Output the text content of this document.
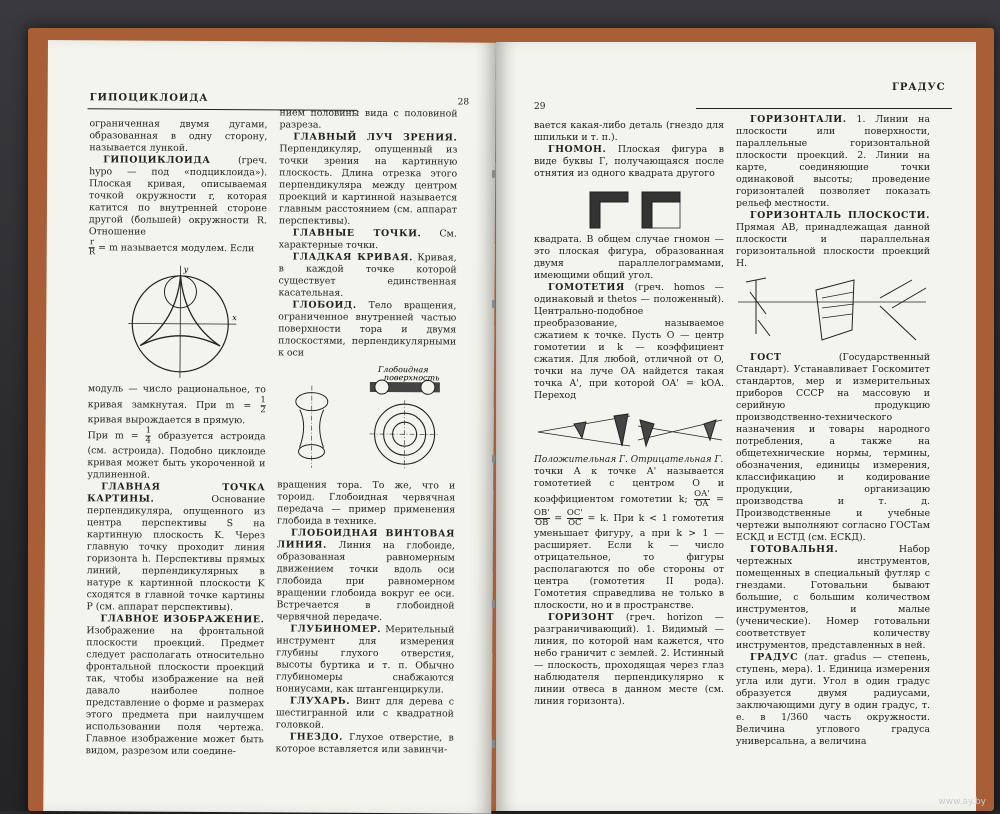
ГИПОЦИКЛОИДА	28

ограниченная двумя дугами, образованная в одну сторону, называется лункой.

ГИПОЦИКЛОИДА (греч. hypo — под «подциклоида»). Плоская кривая, описываемая точкой окружности r, которая катится по внутренней стороне другой (большей) окружности R. Отношение

$\frac{r}{R} = m$ называется модулем. Если

x
y

модуль — число рациональное, то кривая замкнутая. При $m = \frac{1}{2}$
кривая вырождается в прямую.

При $m = \frac{1}{4}$ образуется астроида (см. астроида). Подобно циклоиде кривая может быть укороченной и удлиненной.

ГЛАВНАЯ ТОЧКА КАРТИНЫ. Основание перпендикуляра, опущенного из центра перспективы S на картинную плоскость K. Через главную точку проходит линия горизонта h. Перспективы прямых линий, перпендикулярных в натуре к картинной плоскости K сходятся в главной точке картины P (см. аппарат перспективы).

ГЛАВНОЕ ИЗОБРАЖЕНИЕ. Изображение на фронтальной плоскости проекций. Предмет следует располагать относительно фронтальной плоскости проекций так, чтобы изображение на ней давало наиболее полное представление о форме и размерах этого предмета при наилучшем использовании поля чертежа. Главное изображение может быть видом, разрезом или соедине-

нием половины вида с половиной разреза.

ГЛАВНЫЙ ЛУЧ ЗРЕНИЯ. Перпендикуляр, опущенный из точки зрения на картинную плоскость. Длина отрезка этого перпендикуляра между центром проекций и картинной называется главным расстоянием (см. аппарат перспективы).

ГЛАВНЫЕ ТОЧКИ. См. характерные точки.

ГЛАДКАЯ КРИВАЯ. Кривая, в каждой точке которой существует единственная касательная.

ГЛОБОИД. Тело вращения, ограниченное внутренней частью поверхности тора и двумя плоскостями, перпендикулярными к оси

Глобоидная
поверхность

вращения тора. То же, что и тороид. Глобоидная червячная передача — пример применения глобоида в технике.

ГЛОБОИДНАЯ ВИНТОВАЯ ЛИНИЯ. Линия на глобоиде, образованная равномерным движением точки вдоль оси глобоида при равномерном вращении глобоида вокруг ее оси. Встречается в глобоидной червячной передаче.

ГЛУБИНОМЕР. Мерительный инструмент для измерения глубины глухого отверстия, высоты буртика и т. п. Обычно глубиномеры снабжаются нониусами, как штангенциркули.

ГЛУХАРЬ. Винт для дерева с шестигранной или с квадратной головкой.

ГНЕЗДО. Глухое отверстие, в которое вставляется или завинчи-

29
ГРАДУС

вается какая-либо деталь (гнездо для шпильки и т. п.).

ГНОМОН. Плоская фигура в виде буквы Г, получающаяся после отнятия из одного квадрата другого

квадрата. В общем случае гномон — это плоская фигура, образованная двумя параллелограммами, имеющими общий угол.

ГОМОТЕТИЯ (греч. homos — одинаковый и thetos — положенный). Центрально-подобное преобразование, называемое сжатием к точке. Пусть O — центр гомотетии и k — коэффициент сжатия. Для любой, отличной от O, точки на луче OA найдется такая точка A', при которой OA' = kOA. Переход

Положительная Г. Отрицательная Г.

точки A к точке A' называется гомотетией с центром O и коэффициентом гомотетии k; $\frac{OA'}{OA}$ =
$\frac{OB'}{OB} = \frac{OC'}{OC} = k$. При k < 1 гомотетия уменьшает фигуру, а при k > 1 — расширяет. Если k — число отрицательное, то фигуры располагаются по обе стороны от центра (гомотетия II рода). Гомотетия справедлива не только в плоскости, но и в пространстве.

ГОРИЗОНТ (греч. horizon — разграничивающий). 1. Видимый — линия, по которой нам кажется, что небо граничит с землей. 2. Истинный — плоскость, проходящая через глаз наблюдателя перпендикулярно к линии отвеса в данном месте (см. линия горизонта).

ГОРИЗОНТАЛИ. 1. Линии на плоскости или поверхности, параллельные горизонтальной плоскости проекций. 2. Линии на карте, соединяющие точки одинаковой высоты; проведение горизонталей позволяет показать рельеф местности.

ГОРИЗОНТАЛЬ ПЛОСКОСТИ. Прямая AB, принадлежащая данной плоскости и параллельная горизонтальной плоскости проекций H.

ГОСТ (Государственный Стандарт). Устанавливает Госкомитет стандартов, мер и измерительных приборов СССР на массовую и серийную продукцию производственно-технического назначения и товары народного потребления, а также на общетехнические нормы, термины, обозначения, единицы измерения, классификацию и кодирование продукции, организацию производства и т. д. Производственные и учебные чертежи выполняют согласно ГОСТам ЕСКД и ЕСТД (см. ЕСКД).

ГОТОВАЛЬНЯ. Набор чертежных инструментов, помещенных в специальный футляр с гнездами. Готовальни бывают большие, с большим количеством инструментов, и малые (ученические). Номер готовальни соответствует количеству инструментов, представленных в ней.

ГРАДУС (лат. gradus — степень, ступень, мера). 1. Единица измерения угла или дуги. Угол в один градус образуется двумя радиусами, заключающими дугу в один градус, т. е. в 1/360 часть окружности. Величина углового градуса универсальна, а величина

www.ay.by
